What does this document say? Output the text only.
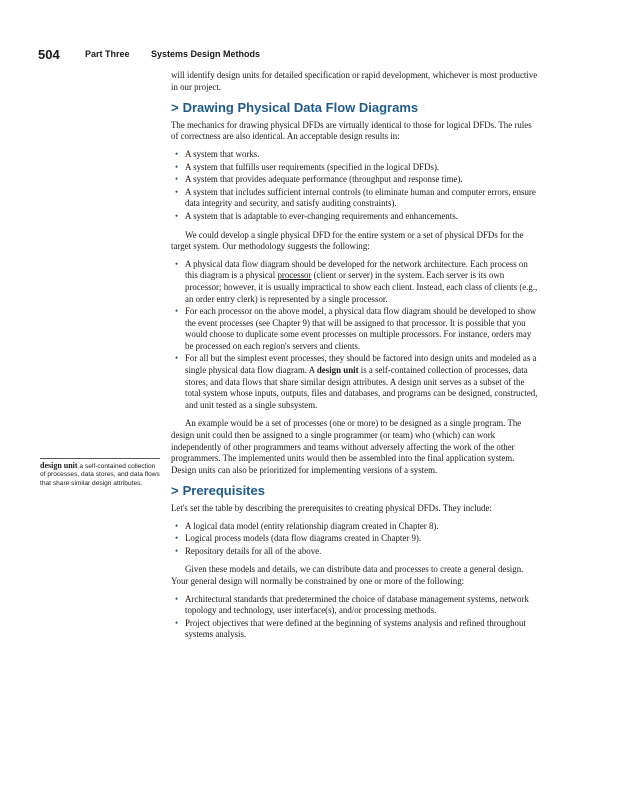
504	Part Three Systems Design Methods
design unit a self-contained collection of processes, data stores, and data flows that share similar design attributes.

will identify design units for detailed specification or rapid development, whichever is most productive in our project.

> Drawing Physical Data Flow Diagrams

The mechanics for drawing physical DFDs are virtually identical to those for logical DFDs. The rules of correctness are also identical. An acceptable design results in:

• A system that works.
• A system that fulfills user requirements (specified in the logical DFDs).
• A system that provides adequate performance (throughput and response time).
• A system that includes sufficient internal controls (to eliminate human and computer errors, ensure data integrity and security, and satisfy auditing constraints).
• A system that is adaptable to ever-changing requirements and enhancements.

We could develop a single physical DFD for the entire system or a set of physical DFDs for the target system. Our methodology suggests the following:

• A physical data flow diagram should be developed for the network architecture. Each process on this diagram is a physical processor (client or server) in the system. Each server is its own processor; however, it is usually impractical to show each client. Instead, each class of clients (e.g., an order entry clerk) is represented by a single processor.
• For each processor on the above model, a physical data flow diagram should be developed to show the event processes (see Chapter 9) that will be assigned to that processor. It is possible that you would choose to duplicate some event processes on multiple processors. For instance, orders may be processed on each region's servers and clients.
• For all but the simplest event processes, they should be factored into design units and modeled as a single physical data flow diagram. A design unit is a self-contained collection of processes, data stores, and data flows that share similar design attributes. A design unit serves as a subset of the total system whose inputs, outputs, files and databases, and programs can be designed, constructed, and unit tested as a single subsystem.

An example would be a set of processes (one or more) to be designed as a single program. The design unit could then be assigned to a single programmer (or team) who (which) can work independently of other programmers and teams without adversely affecting the work of the other programmers. The implemented units would then be assembled into the final application system. Design units can also be prioritized for implementing versions of a system.

> Prerequisites

Let's set the table by describing the prerequisites to creating physical DFDs. They include:

• A logical data model (entity relationship diagram created in Chapter 8).
• Logical process models (data flow diagrams created in Chapter 9).
• Repository details for all of the above.

Given these models and details, we can distribute data and processes to create a general design. Your general design will normally be constrained by one or more of the following:

• Architectural standards that predetermined the choice of database management systems, network topology and technology, user interface(s), and/or processing methods.
• Project objectives that were defined at the beginning of systems analysis and refined throughout systems analysis.
